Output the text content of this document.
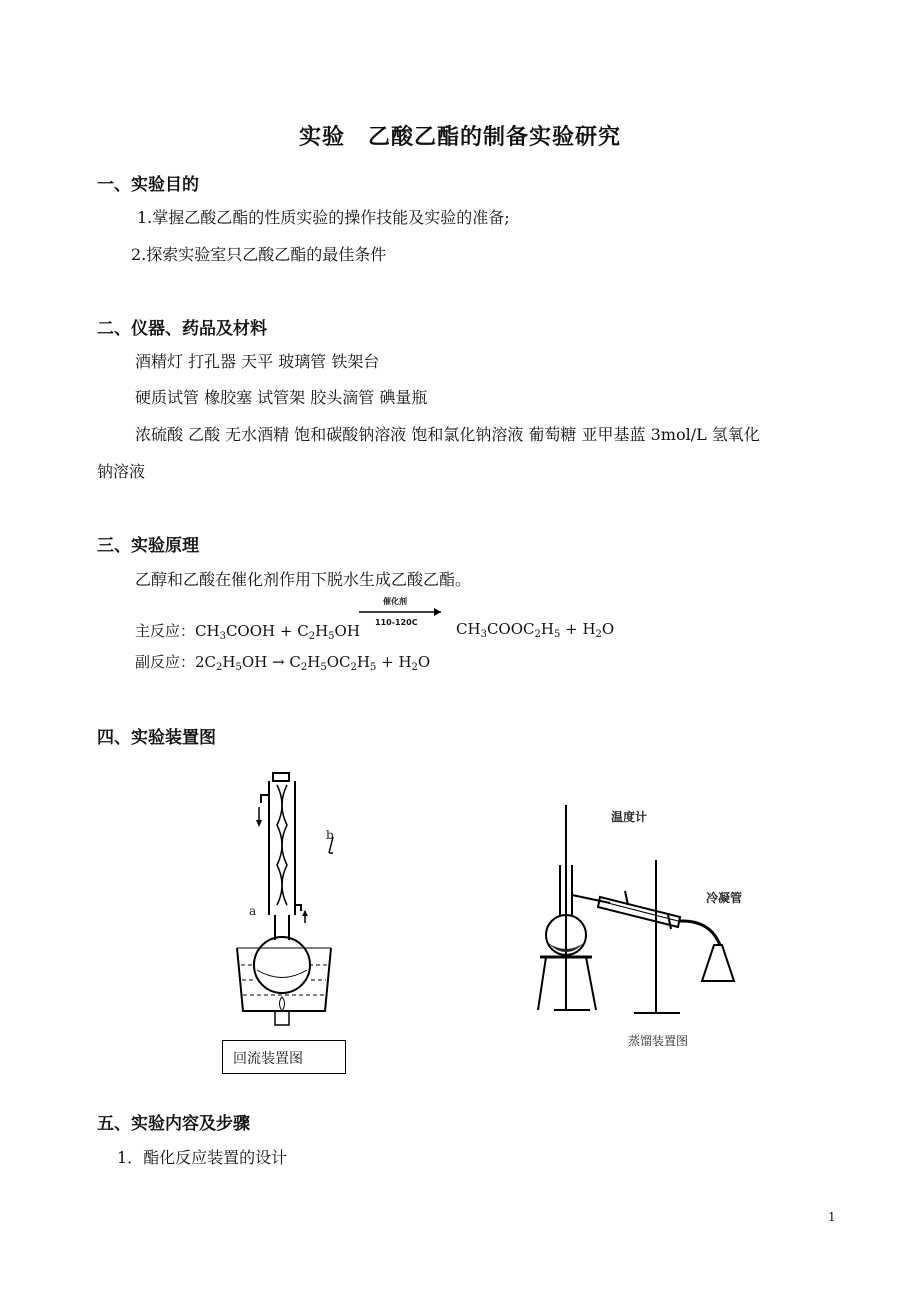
实验　乙酸乙酯的制备实验研究
一、实验目的
1.掌握乙酸乙酯的性质实验的操作技能及实验的准备;
2.探索实验室只乙酸乙酯的最佳条件
二、仪器、药品及材料
酒精灯 打孔器 天平 玻璃管 铁架台
硬质试管 橡胶塞 试管架 胶头滴管 碘量瓶
浓硫酸 乙酸 无水酒精 饱和碳酸钠溶液 饱和氯化钠溶液 葡萄糖 亚甲基蓝 3mol/L 氢氧化
钠溶液
三、实验原理
乙醇和乙酸在催化剂作用下脱水生成乙酸乙酯。
主反应：$CH_3COOH + C_2H_5OH$
催化剂
110-120C	$CH_3COOC_2H_5 + H_2O$
副反应：$2C_2H_5OH \to C_2H_5OC_2H_5 + H_2O$
四、实验装置图
a
b
回流装置图
温度计
冷凝管
蒸馏装置图
五、实验内容及步骤
1．酯化反应装置的设计
1
